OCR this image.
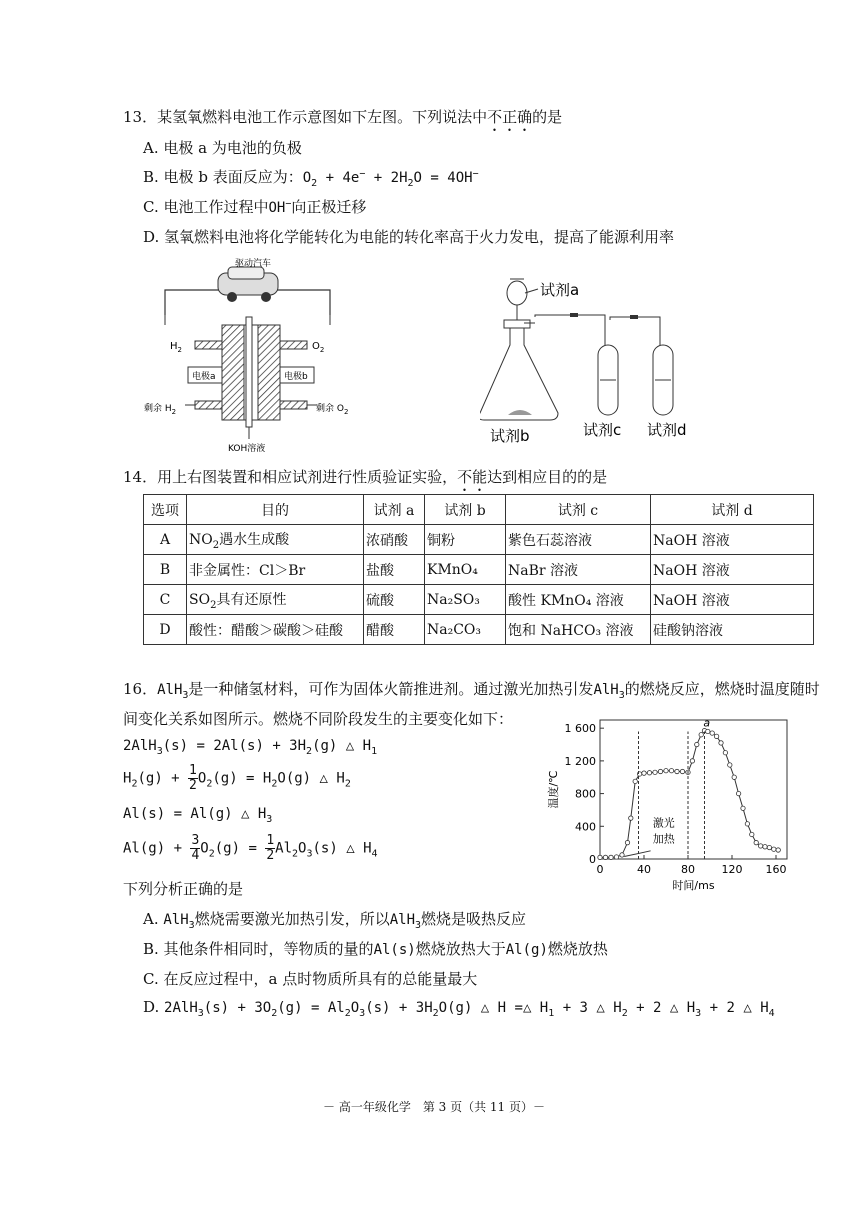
13．某氢氧燃料电池工作示意图如下左图。下列说法中不正确的是
A. 电极 a 为电池的负极
B. 电极 b 表面反应为：$O_2 + 4e^- + 2H_2O = 4OH^-$
C. 电池工作过程中OH−向正极迁移
D. 氢氧燃料电池将化学能转化为电能的转化率高于火力发电，提高了能源利用率
驱动汽车
$H_2$	$O_2$
电极a	电极b
剩余 $H_2$	剩余 $O_2$
KOH溶液
试剂a
试剂b	试剂c 试剂d
14．用上右图装置和相应试剂进行性质验证实验，不能达到相应目的的是
选项	目的	试剂 a	试剂 b	试剂 c	试剂 d
A	$NO_2$遇水生成酸	浓硝酸	铜粉	紫色石蕊溶液	NaOH 溶液
B	非金属性：Cl＞Br	盐酸	KMnO₄	NaBr 溶液	NaOH 溶液
C	$SO_2$具有还原性	硫酸	Na₂SO₃	酸性 KMnO₄ 溶液	NaOH 溶液
D	酸性：醋酸＞碳酸＞硅酸	醋酸	Na₂CO₃	饱和 NaHCO₃ 溶液	硅酸钠溶液
16．AlH$_3$是一种储氢材料，可作为固体火箭推进剂。通过激光加热引发AlH$_3$的燃烧反应，燃烧时温度随时
间变化关系如图所示。燃烧不同阶段发生的主要变化如下：
$2AlH_3(s) = 2Al(s) + 3H_2(g)$ △ $H_1$
$H_2(g) + \frac{1}{2} O_2(g) = H_2O(g)$ △ $H_2$
Al(s) = Al(g) △ $H_3$
$Al(g) + \frac{3}{4} O_2(g) = \frac{1}{2} Al_2O_3(s)$ △ $H_4$
下列分析正确的是
A. AlH$_3$燃烧需要激光加热引发，所以AlH$_3$燃烧是吸热反应
B. 其他条件相同时，等物质的量的Al(s)燃烧放热大于Al(g)燃烧放热
C. 在反应过程中，a 点时物质所具有的总能量最大
D. $2AlH_3(s) + 3O_2(g) = Al_2O_3(s) + 3H_2O(g)$ △ H =△ $H_1 + 3$ △ $H_2 + 2$ △ $H_3 + 2$ △ $H_4$
0	40	80 120 160
0
400
800
1 200
1 600
时间/ms
温度/℃
激光
加热
a
－ 高一年级化学　第 3 页（共 11 页）－
